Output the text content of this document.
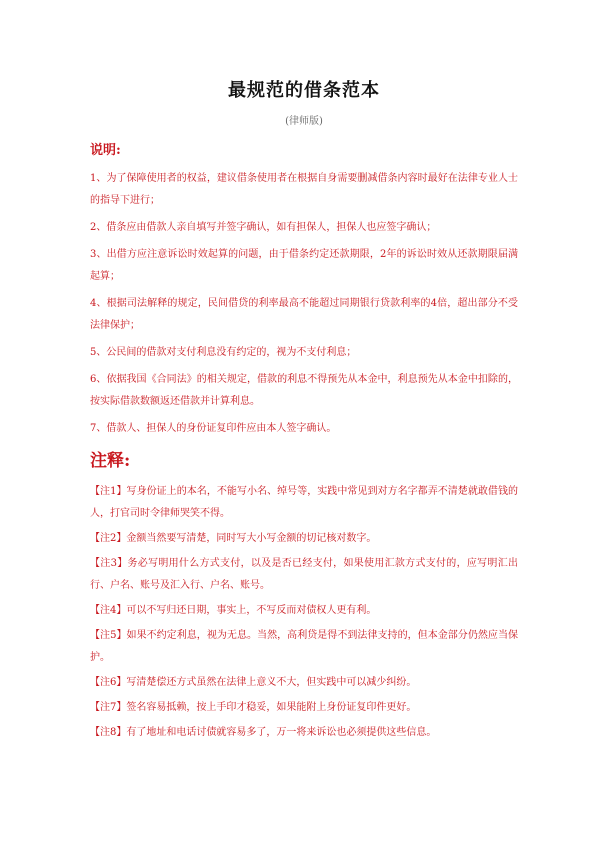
最规范的借条范本
(律师版)
说明:

1、为了保障使用者的权益，建议借条使用者在根据自身需要删减借条内容时最好在法律专业人士的指导下进行；

2、借条应由借款人亲自填写并签字确认，如有担保人，担保人也应签字确认；

3、出借方应注意诉讼时效起算的问题，由于借条约定还款期限，2年的诉讼时效从还款期限届满起算；

4、根据司法解释的规定，民间借贷的利率最高不能超过同期银行贷款利率的4倍，超出部分不受法律保护；

5、公民间的借款对支付利息没有约定的，视为不支付利息；

6、依据我国《合同法》的相关规定，借款的利息不得预先从本金中，利息预先从本金中扣除的，按实际借款数额返还借款并计算利息。

7、借款人、担保人的身份证复印件应由本人签字确认。

注释:

【注1】写身份证上的本名，不能写小名、绰号等，实践中常见到对方名字都弄不清楚就敢借钱的人，打官司时令律师哭笑不得。

【注2】金额当然要写清楚，同时写大小写金额的切记核对数字。

【注3】务必写明用什么方式支付，以及是否已经支付，如果使用汇款方式支付的，应写明汇出行、户名、账号及汇入行、户名、账号。

【注4】可以不写归还日期，事实上，不写反而对债权人更有利。

【注5】如果不约定利息，视为无息。当然，高利贷是得不到法律支持的，但本金部分仍然应当保护。

【注6】写清楚偿还方式虽然在法律上意义不大，但实践中可以减少纠纷。

【注7】签名容易抵赖，按上手印才稳妥，如果能附上身份证复印件更好。

【注8】有了地址和电话讨债就容易多了，万一将来诉讼也必须提供这些信息。
